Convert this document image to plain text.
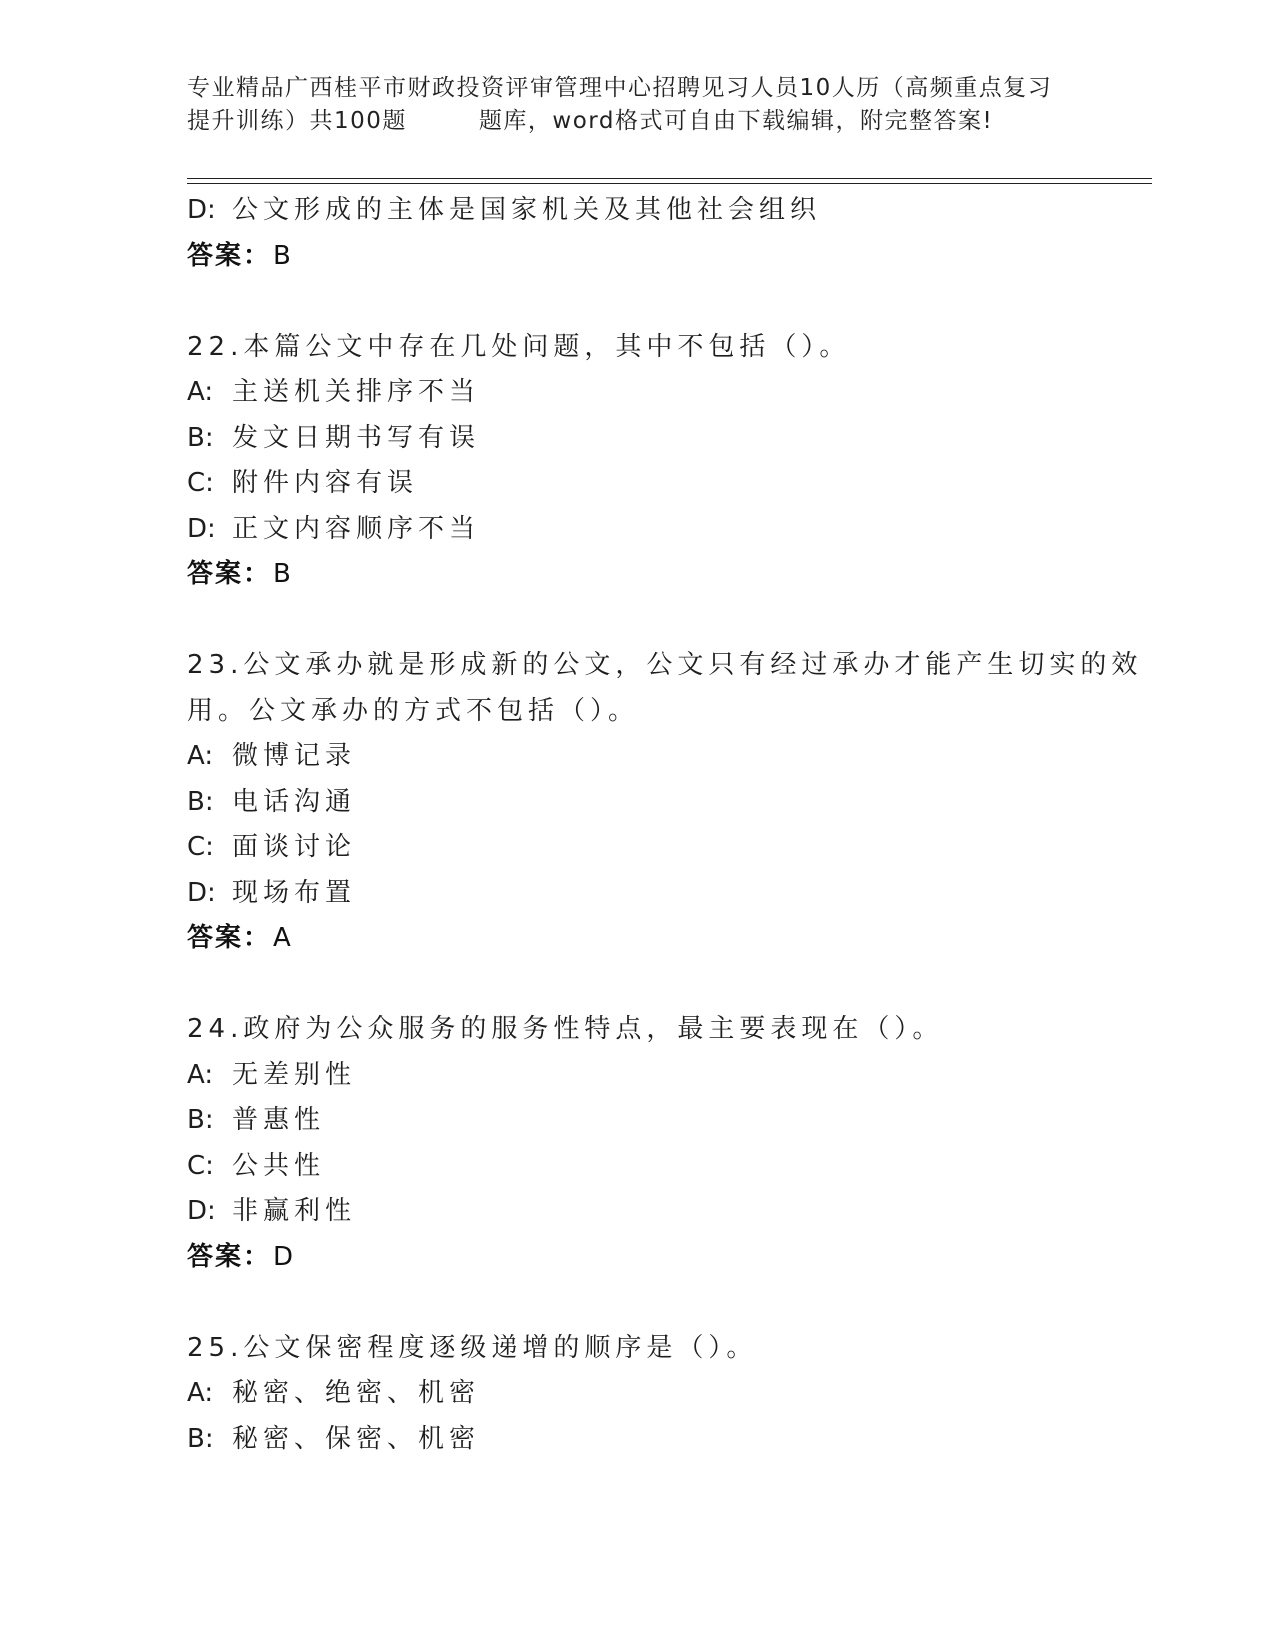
专业精品广西桂平市财政投资评审管理中心招聘见习人员10人历（高频重点复习
提升训练）共100题	题库，word格式可自由下载编辑，附完整答案!
D: 公文形成的主体是国家机关及其他社会组织
答案：B
22.本篇公文中存在几处问题，其中不包括（）。
A: 主送机关排序不当
B: 发文日期书写有误
C: 附件内容有误
D: 正文内容顺序不当
答案：B
23.公文承办就是形成新的公文，公文只有经过承办才能产生切实的效
用。公文承办的方式不包括（）。
A: 微博记录
B: 电话沟通
C: 面谈讨论
D: 现场布置
答案：A
24.政府为公众服务的服务性特点，最主要表现在（）。
A: 无差别性
B: 普惠性
C: 公共性
D: 非赢利性
答案：D
25.公文保密程度逐级递增的顺序是（）。
A: 秘密、绝密、机密
B: 秘密、保密、机密
